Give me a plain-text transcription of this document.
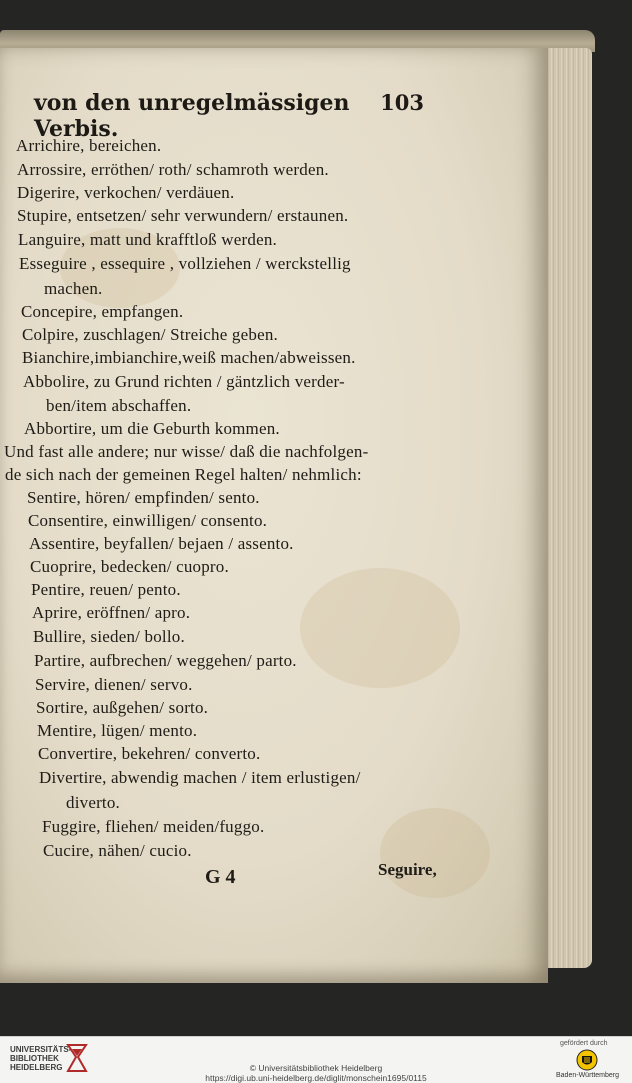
von den unregelmässigen Verbis.
103
Arrichire, bereichen.
Arrossire, erröthen/ roth/ schamroth werden.
Digerire, verkochen/ verdäuen.
Stupire, entsetzen/ sehr verwundern/ erstaunen.
Languire, matt und krafftloß werden.
Esseguire , essequire , vollziehen / werckstellig
machen.
Concepire, empfangen.
Colpire, zuschlagen/ Streiche geben.
Bianchire,imbianchire,weiß machen/abweissen.
Abbolire, zu Grund richten / gäntzlich verder-
ben/item abschaffen.
Abbortire, um die Geburth kommen.
Und fast alle andere; nur wisse/ daß die nachfolgen-
de sich nach der gemeinen Regel halten/ nehmlich:
Sentire, hören/ empfinden/ sento.
Consentire, einwilligen/ consento.
Assentire, beyfallen/ bejaen / assento.
Cuoprire, bedecken/ cuopro.
Pentire, reuen/ pento.
Aprire, eröffnen/ apro.
Bullire, sieden/ bollo.
Partire, aufbrechen/ weggehen/ parto.
Servire, dienen/ servo.
Sortire, außgehen/ sorto.
Mentire, lügen/ mento.
Convertire, bekehren/ converto.
Divertire, abwendig machen / item erlustigen/
diverto.
Fuggire, fliehen/ meiden/fuggo.
Cucire, nähen/ cucio.
G 4	Seguire,
UNIVERSITÄTS-
BIBLIOTHEK
HEIDELBERG	© Universitätsbibliothek Heidelberg
https://digi.ub.uni-heidelberg.de/diglit/monschein1695/0115
gefördert durch
Baden-Württemberg
